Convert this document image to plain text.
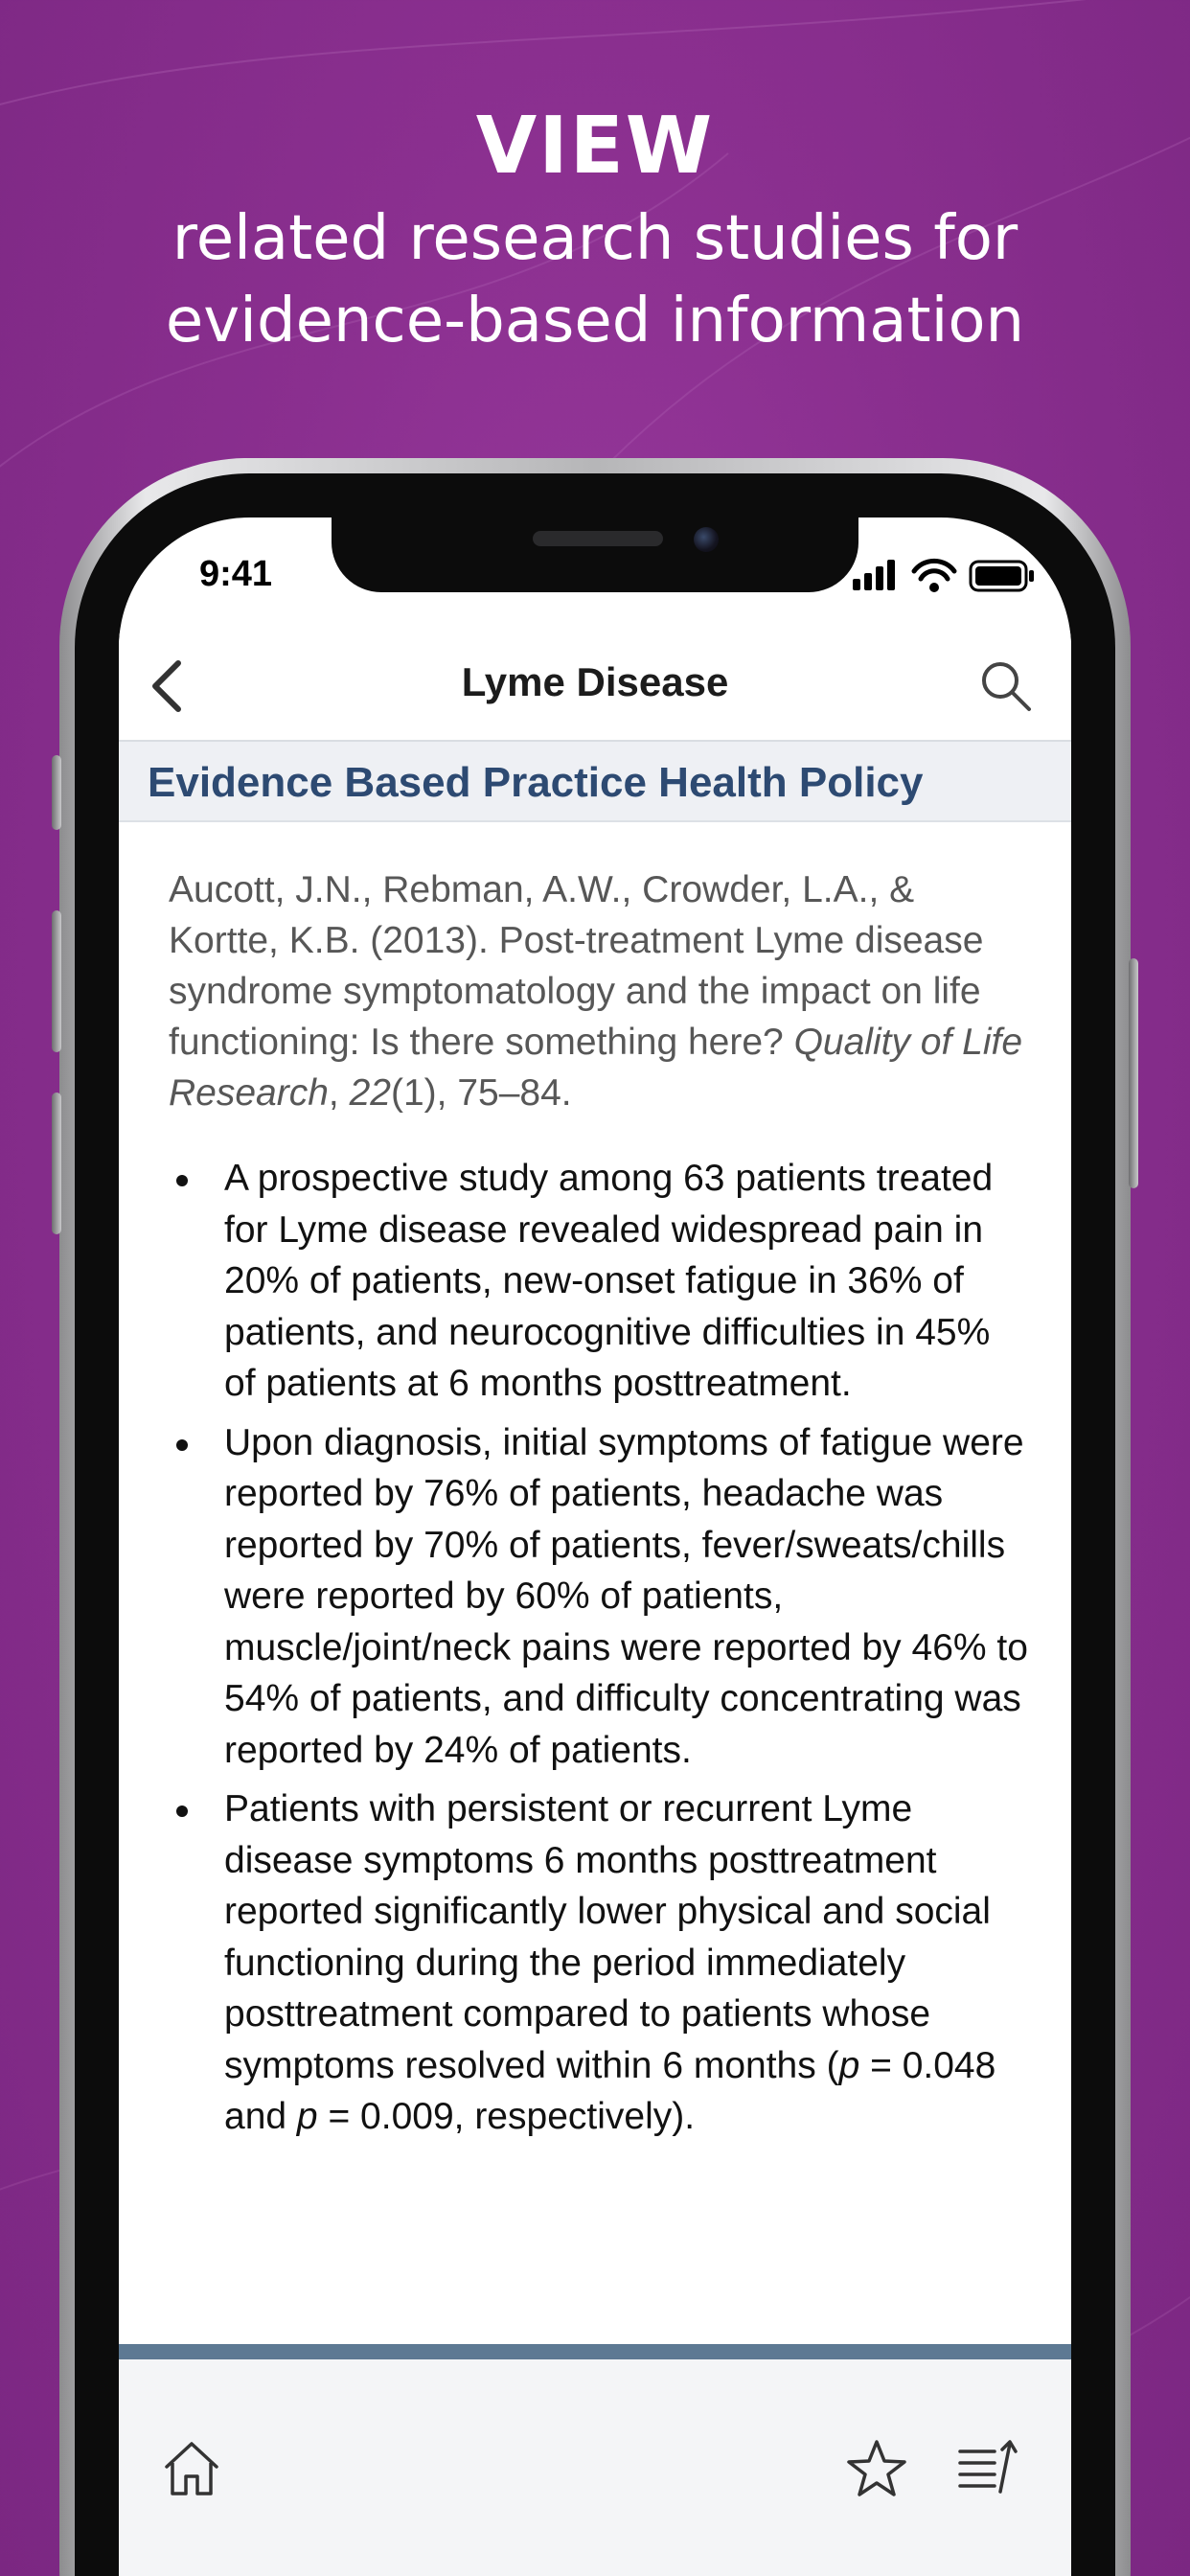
VIEW
related research studies for
evidence-based information
9:41
Lyme Disease
Evidence Based Practice Health Policy
Aucott, J.N., Rebman, A.W., Crowder, L.A., & Kortte, K.B. (2013). Post-treatment Lyme disease syndrome symptomatology and the impact on life functioning: Is there something here? Quality of Life Research, 22(1), 75–84.
A prospective study among 63 patients treated for Lyme disease revealed widespread pain in 20% of patients, new-onset fatigue in 36% of patients, and neurocognitive difficulties in 45% of patients at 6 months posttreatment.
Upon diagnosis, initial symptoms of fatigue were reported by 76% of patients, headache was reported by 70% of patients, fever/sweats/chills were reported by 60% of patients, muscle/joint/neck pains were reported by 46% to 54% of patients, and difficulty concentrating was reported by 24% of patients.
Patients with persistent or recurrent Lyme disease symptoms 6 months posttreatment reported significantly lower physical and social functioning during the period immediately posttreatment compared to patients whose symptoms resolved within 6 months (p = 0.048 and p = 0.009, respectively).
